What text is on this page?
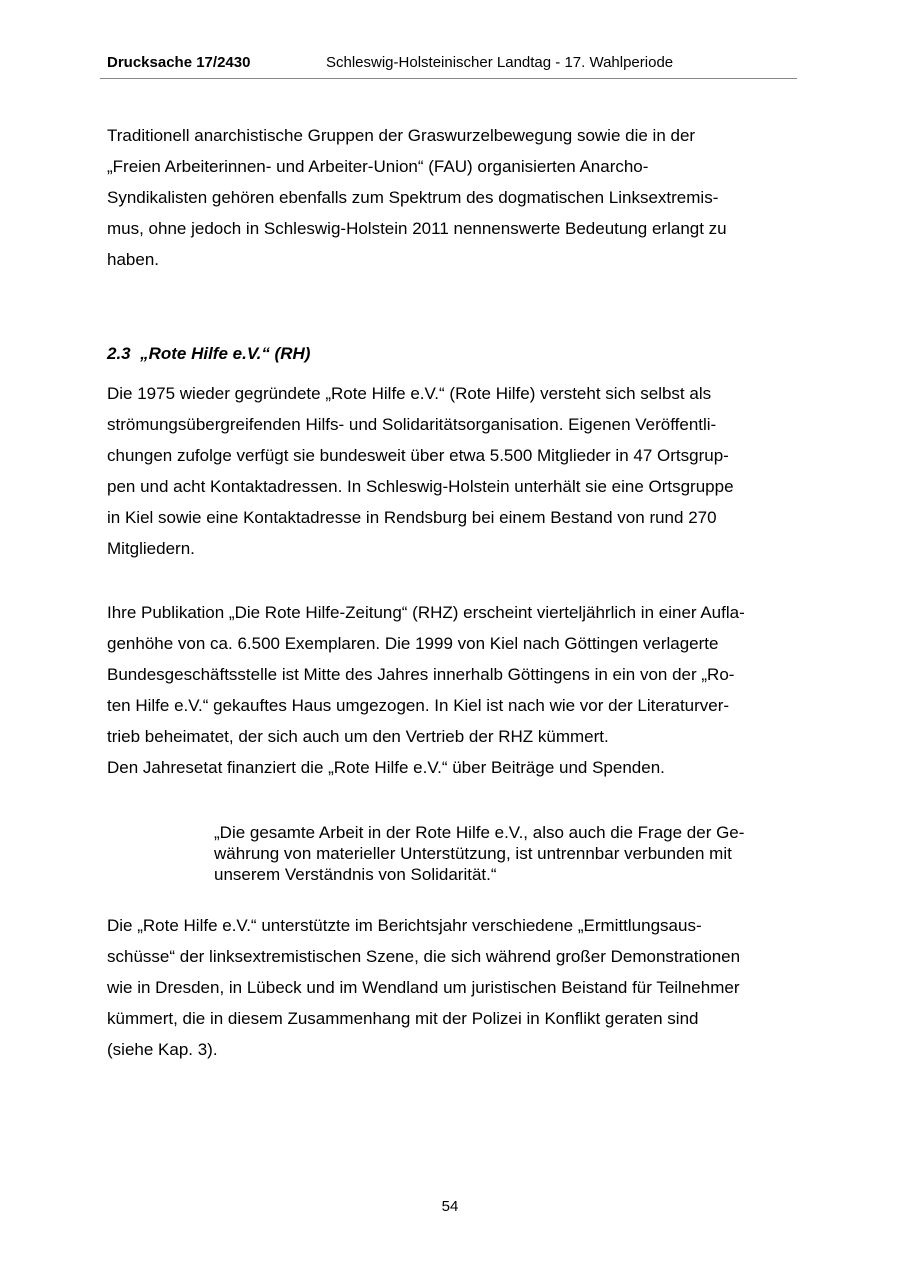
Drucksache 17/2430	Schleswig-Holsteinischer Landtag - 17. Wahlperiode

Traditionell anarchistische Gruppen der Graswurzelbewegung sowie die in der
„Freien Arbeiterinnen- und Arbeiter-Union“ (FAU) organisierten Anarcho-
Syndikalisten gehören ebenfalls zum Spektrum des dogmatischen Linksextremis-
mus, ohne jedoch in Schleswig-Holstein 2011 nennenswerte Bedeutung erlangt zu
haben.

2.3  „Rote Hilfe e.V.“ (RH)

Die 1975 wieder gegründete „Rote Hilfe e.V.“ (Rote Hilfe) versteht sich selbst als
strömungsübergreifenden Hilfs- und Solidaritätsorganisation. Eigenen Veröffentli-
chungen zufolge verfügt sie bundesweit über etwa 5.500 Mitglieder in 47 Ortsgrup-
pen und acht Kontaktadressen. In Schleswig-Holstein unterhält sie eine Ortsgruppe
in Kiel sowie eine Kontaktadresse in Rendsburg bei einem Bestand von rund 270
Mitgliedern.

Ihre Publikation „Die Rote Hilfe-Zeitung“ (RHZ) erscheint vierteljährlich in einer Aufla-
genhöhe von ca. 6.500 Exemplaren. Die 1999 von Kiel nach Göttingen verlagerte
Bundesgeschäftsstelle ist Mitte des Jahres innerhalb Göttingens in ein von der „Ro-
ten Hilfe e.V.“ gekauftes Haus umgezogen. In Kiel ist nach wie vor der Literaturver-
trieb beheimatet, der sich auch um den Vertrieb der RHZ kümmert.
Den Jahresetat finanziert die „Rote Hilfe e.V.“ über Beiträge und Spenden.

„Die gesamte Arbeit in der Rote Hilfe e.V., also auch die Frage der Ge-
währung von materieller Unterstützung, ist untrennbar verbunden mit
unserem Verständnis von Solidarität.“

Die „Rote Hilfe e.V.“ unterstützte im Berichtsjahr verschiedene „Ermittlungsaus-
schüsse“ der linksextremistischen Szene, die sich während großer Demonstrationen
wie in Dresden, in Lübeck und im Wendland um juristischen Beistand für Teilnehmer
kümmert, die in diesem Zusammenhang mit der Polizei in Konflikt geraten sind
(siehe Kap. 3).

54
